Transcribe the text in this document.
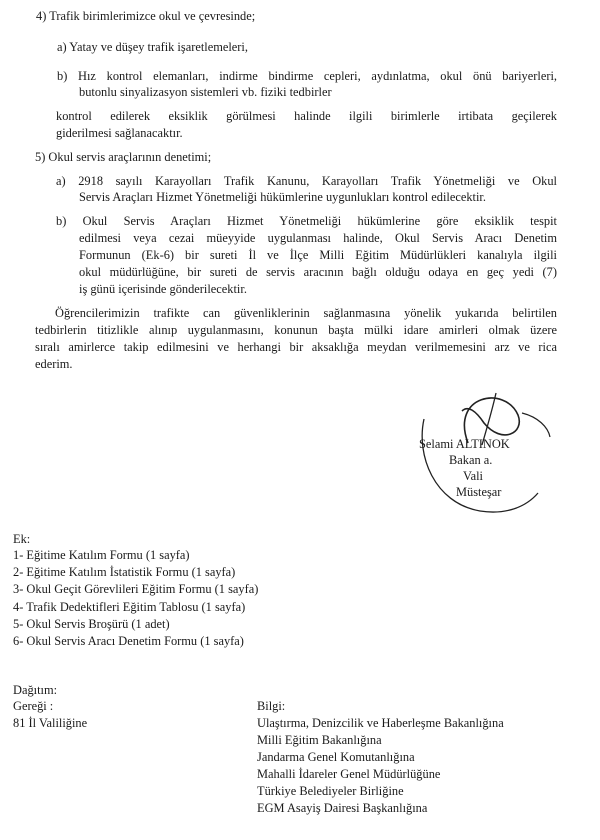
4) Trafik birimlerimizce okul ve çevresinde;
a) Yatay ve düşey trafik işaretlemeleri,
b) Hız kontrol elemanları, indirme bindirme cepleri, aydınlatma, okul önü bariyerleri,
butonlu sinyalizasyon sistemleri vb. fiziki tedbirler
kontrol edilerek eksiklik görülmesi halinde ilgili birimlerle irtibata geçilerek
giderilmesi sağlanacaktır.
5) Okul servis araçlarının denetimi;
a) 2918 sayılı Karayolları Trafik Kanunu, Karayolları Trafik Yönetmeliği ve Okul
Servis Araçları Hizmet Yönetmeliği hükümlerine uygunlukları kontrol edilecektir.
b) Okul Servis Araçları Hizmet Yönetmeliği hükümlerine göre eksiklik tespit
edilmesi veya cezai müeyyide uygulanması halinde, Okul Servis Aracı Denetim
Formunun (Ek-6) bir sureti İl ve İlçe Milli Eğitim Müdürlükleri kanalıyla ilgili
okul müdürlüğüne, bir sureti de servis aracının bağlı olduğu odaya en geç yedi (7)
iş günü içerisinde gönderilecektir.
Öğrencilerimizin trafikte can güvenliklerinin sağlanmasına yönelik yukarıda belirtilen
tedbirlerin titizlikle alınıp uygulanmasını, konunun başta mülki idare amirleri olmak üzere
sıralı amirlerce takip edilmesini ve herhangi bir aksaklığa meydan verilmemesini arz ve rica
ederim.
Selami ALTINOK
Bakan a.
Vali
Müsteşar
Ek:
1- Eğitime Katılım Formu (1 sayfa)
2- Eğitime Katılım İstatistik Formu (1 sayfa)
3- Okul Geçit Görevlileri Eğitim Formu (1 sayfa)
4- Trafik Dedektifleri Eğitim Tablosu (1 sayfa)
5- Okul Servis Broşürü (1 adet)
6- Okul Servis Aracı Denetim Formu (1 sayfa)
Dağıtım:
Gereği :
81 İl Valiliğine
Bilgi:
Ulaştırma, Denizcilik ve Haberleşme Bakanlığına
Milli Eğitim Bakanlığına
Jandarma Genel Komutanlığına
Mahalli İdareler Genel Müdürlüğüne
Türkiye Belediyeler Birliğine
EGM Asayiş Dairesi Başkanlığına
